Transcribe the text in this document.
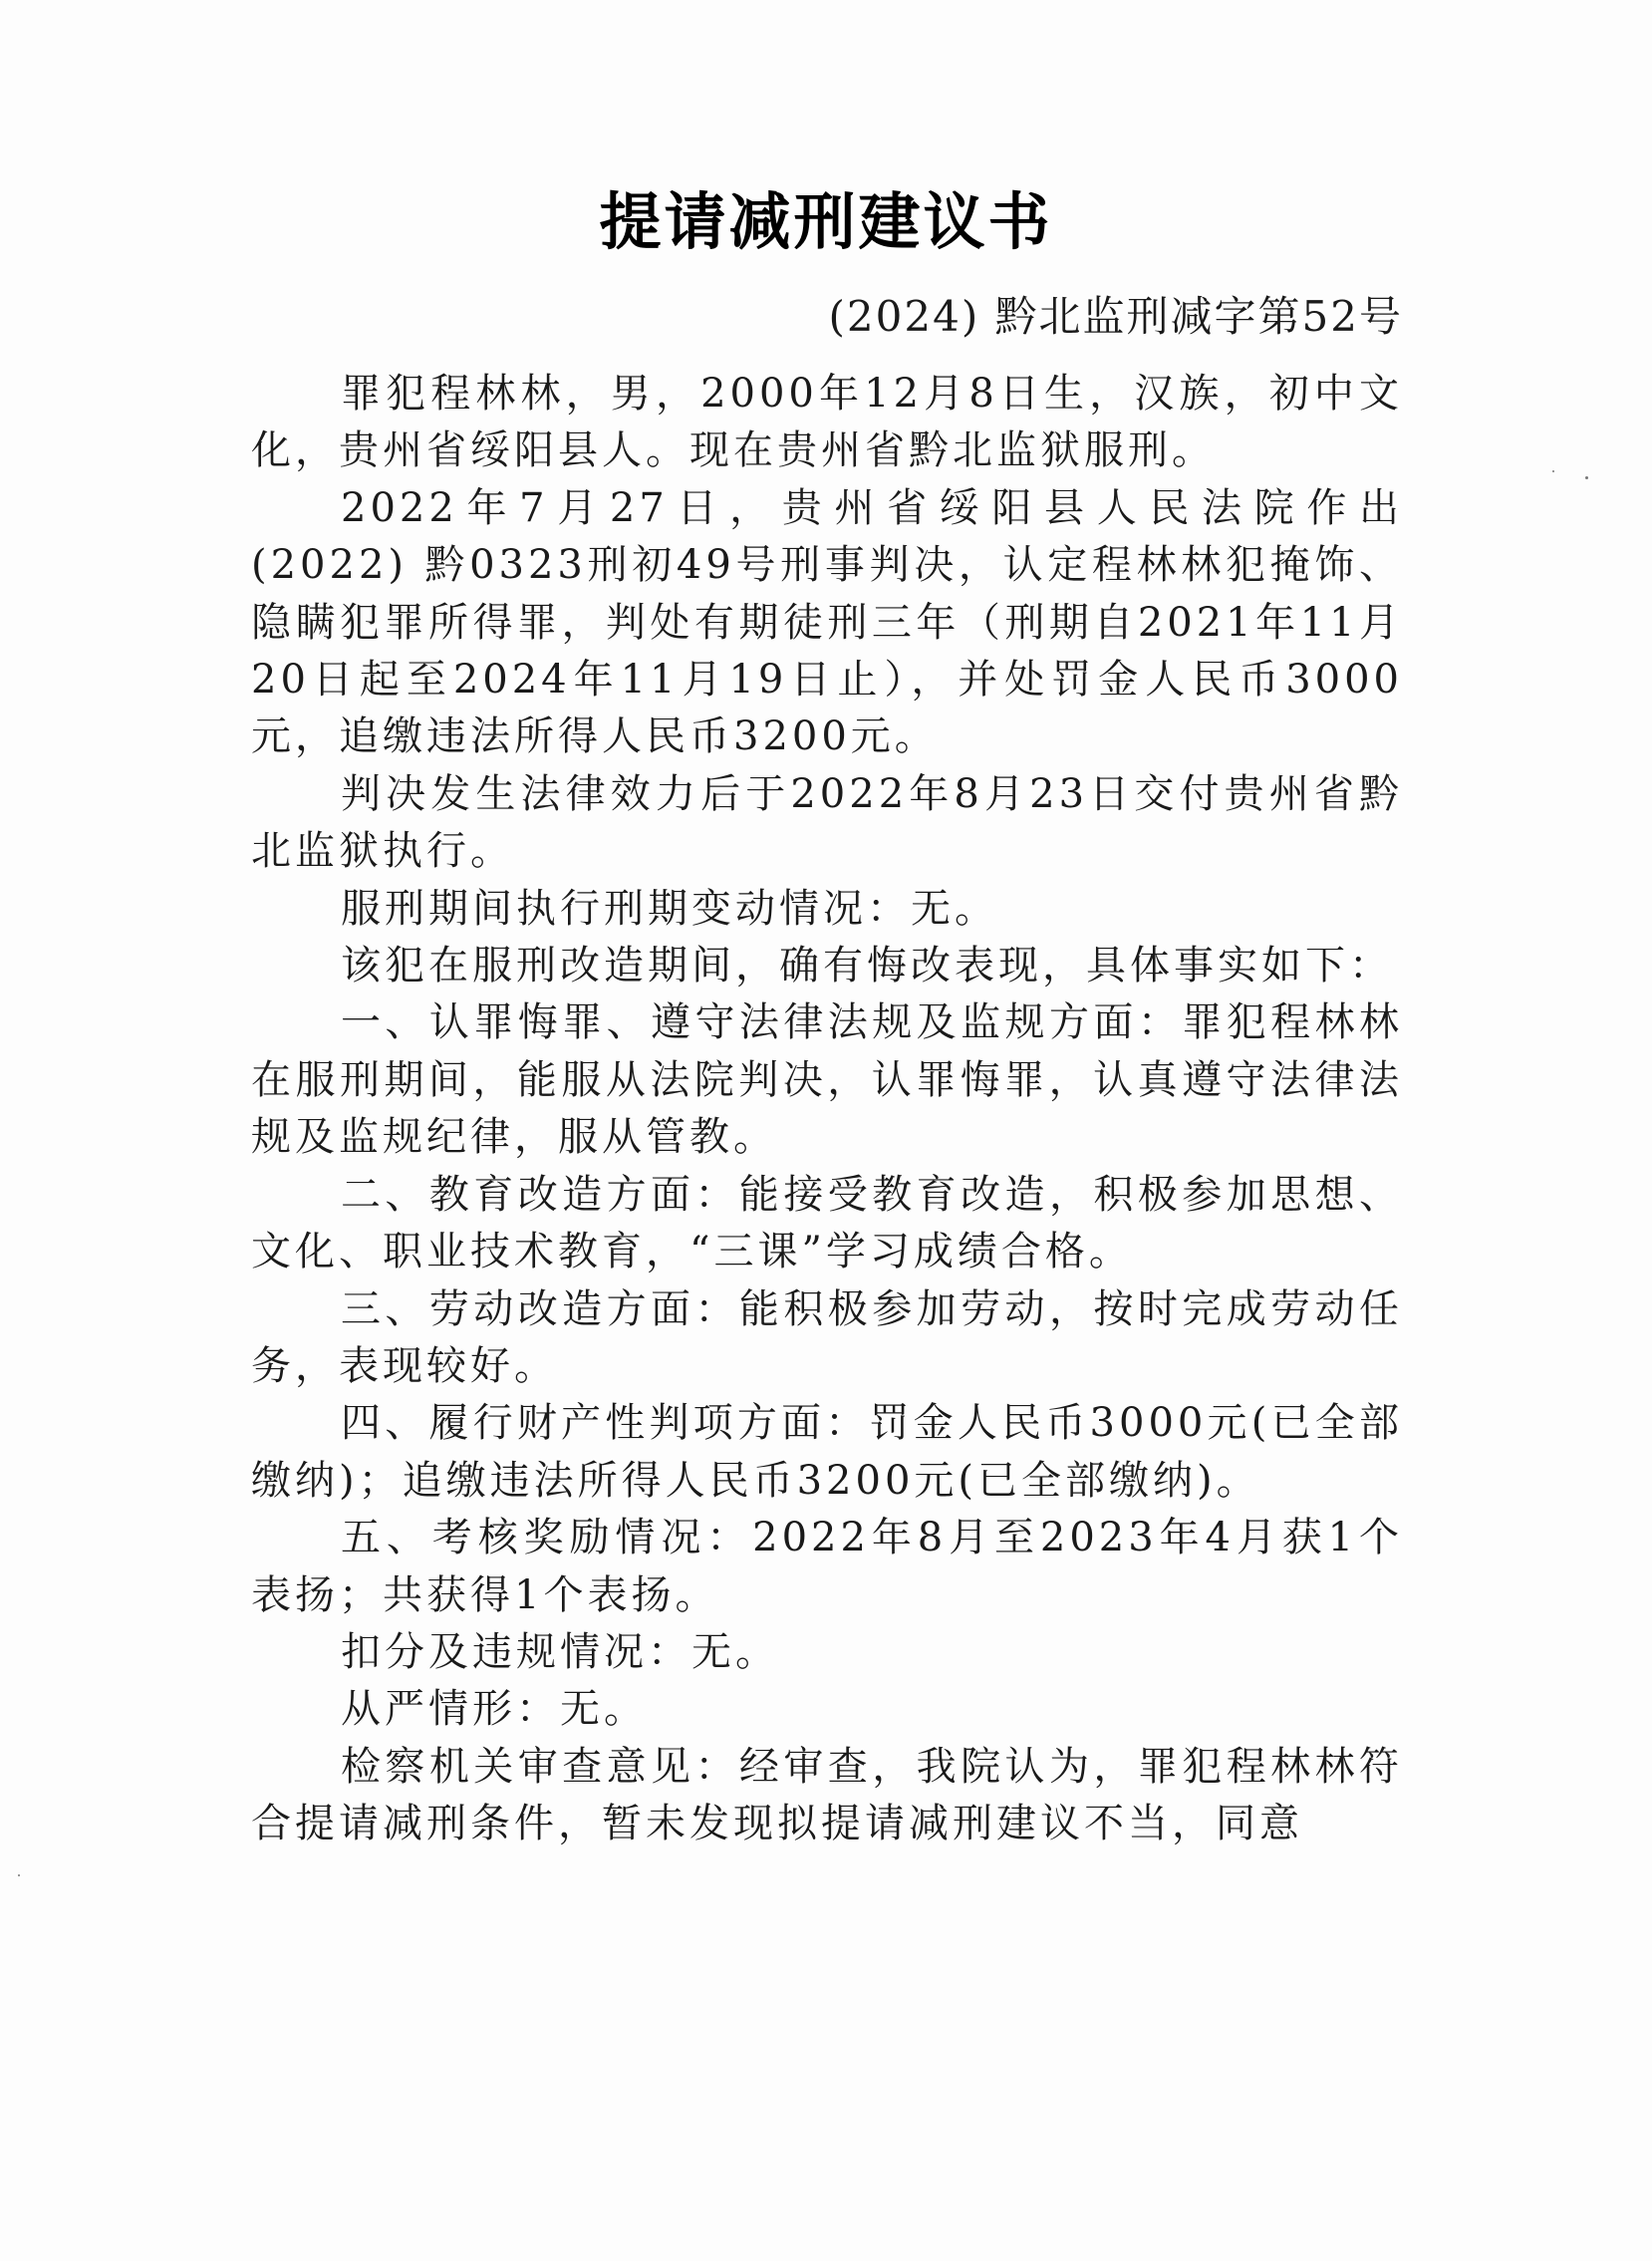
提请减刑建议书
(2024) 黔北监刑减字第52号

罪犯程林林，男，2000年12月8日生，汉族，初中文化，贵州省绥阳县人。现在贵州省黔北监狱服刑。

2022年7月27日，贵州省绥阳县人民法院作出(2022) 黔0323刑初49号刑事判决，认定程林林犯掩饰、隐瞒犯罪所得罪，判处有期徒刑三年（刑期自2021年11月20日起至2024年11月19日止），并处罚金人民币3000元，追缴违法所得人民币3200元。

判决发生法律效力后于2022年8月23日交付贵州省黔北监狱执行。

服刑期间执行刑期变动情况：无。

该犯在服刑改造期间，确有悔改表现，具体事实如下：

一、认罪悔罪、遵守法律法规及监规方面：罪犯程林林在服刑期间，能服从法院判决，认罪悔罪，认真遵守法律法规及监规纪律，服从管教。

二、教育改造方面：能接受教育改造，积极参加思想、文化、职业技术教育，“三课”学习成绩合格。

三、劳动改造方面：能积极参加劳动，按时完成劳动任务，表现较好。

四、履行财产性判项方面：罚金人民币3000元(已全部缴纳)；追缴违法所得人民币3200元(已全部缴纳)。

五、考核奖励情况：2022年8月至2023年4月获1个表扬；共获得1个表扬。

扣分及违规情况：无。

从严情形：无。

检察机关审查意见：经审查，我院认为，罪犯程林林符合提请减刑条件，暂未发现拟提请减刑建议不当，同意
